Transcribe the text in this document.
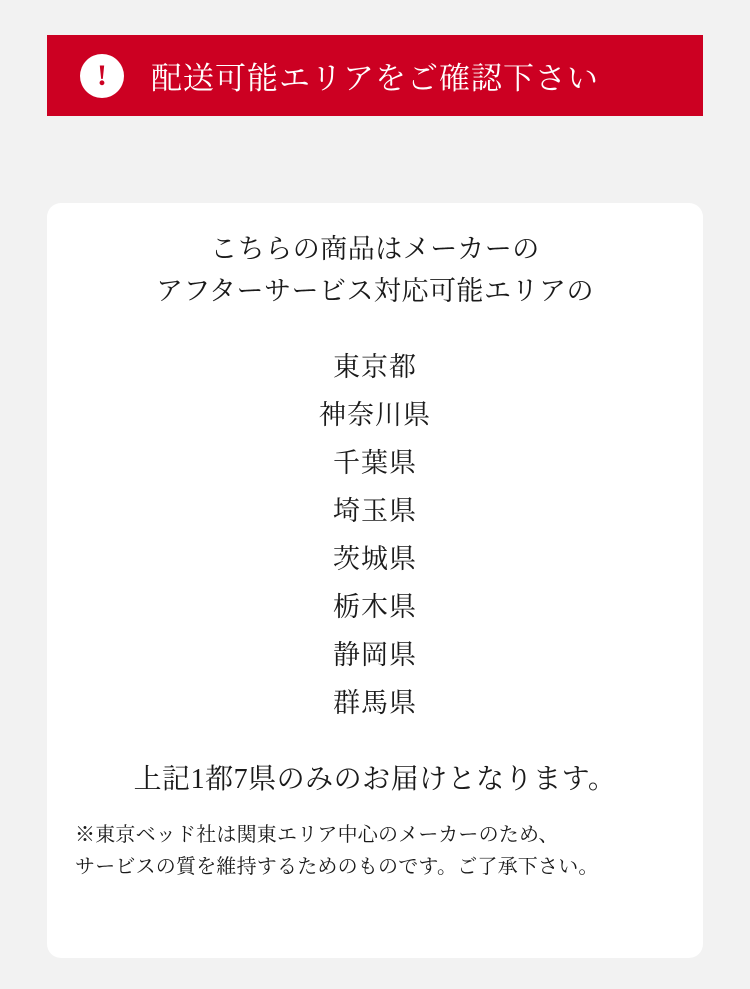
! 配送可能エリアをご確認下さい
こちらの商品はメーカーの
アフターサービス対応可能エリアの
東京都
神奈川県
千葉県
埼玉県
茨城県
栃木県
静岡県
群馬県

上記1都7県のみのお届けとなります。

※東京ベッド社は関東エリア中心のメーカーのため、
サービスの質を維持するためのものです。ご了承下さい。
